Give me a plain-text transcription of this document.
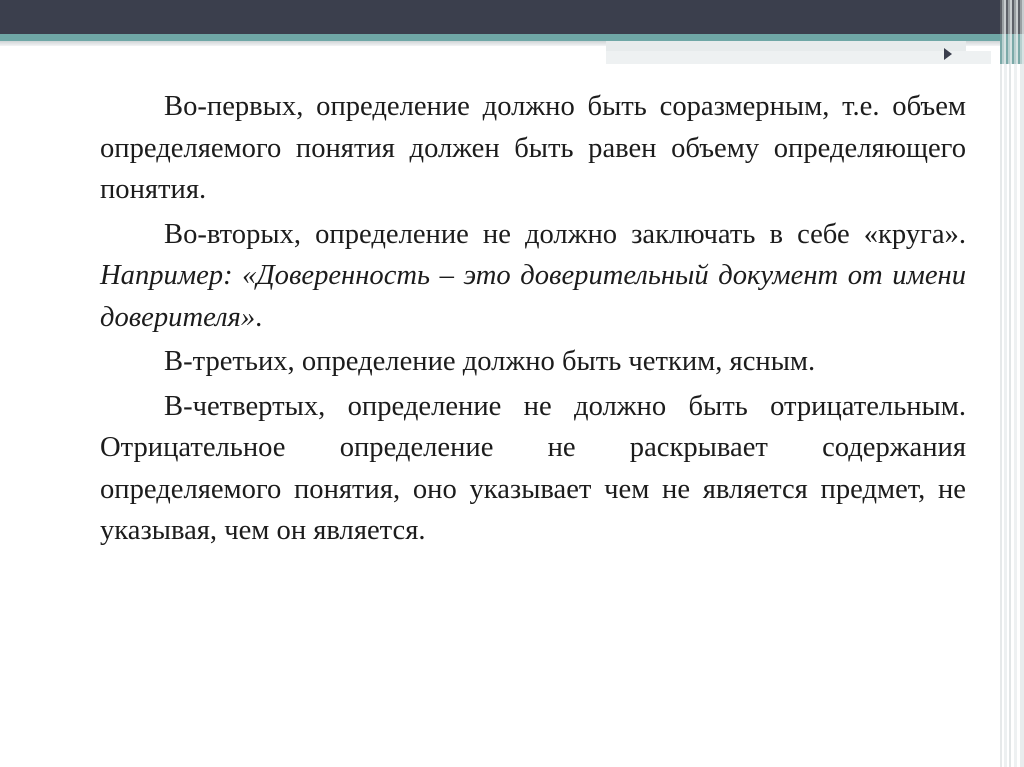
Во-первых, определение должно быть соразмерным, т.е. объем определяемого понятия должен быть равен объему определяющего понятия.

Во-вторых, определение не должно заключать в себе «круга». Например: «Доверенность – это доверительный документ от имени доверителя».

В-третьих, определение должно быть четким, ясным.

В-четвертых, определение не должно быть отрицательным. Отрицательное определение не раскрывает содержания определяемого понятия, оно указывает чем не является предмет, не указывая, чем он является.
